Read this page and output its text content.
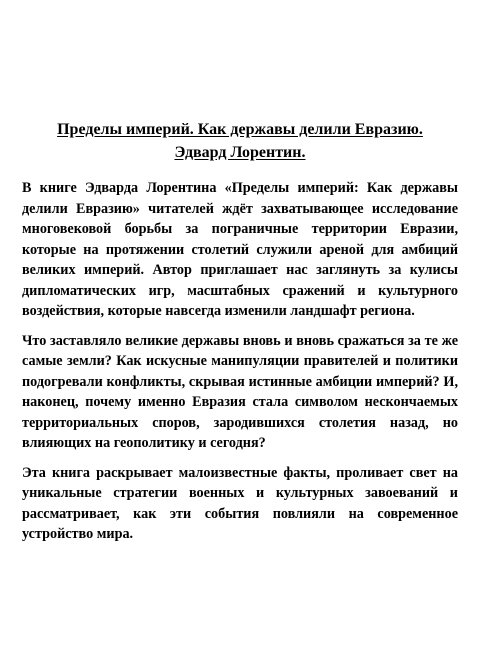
Пределы империй. Как державы делили Евразию.
Эдвард Лорентин.

В книге Эдварда Лорентина «Пределы империй: Как державы делили Евразию» читателей ждёт захватывающее исследование многовековой борьбы за пограничные территории Евразии, которые на протяжении столетий служили ареной для амбиций великих империй. Автор приглашает нас заглянуть за кулисы дипломатических игр, масштабных сражений и культурного воздействия, которые навсегда изменили ландшафт региона.

Что заставляло великие державы вновь и вновь сражаться за те же самые земли? Как искусные манипуляции правителей и политики подогревали конфликты, скрывая истинные амбиции империй? И, наконец, почему именно Евразия стала символом нескончаемых территориальных споров, зародившихся столетия назад, но влияющих на геополитику и сегодня?

Эта книга раскрывает малоизвестные факты, проливает свет на уникальные стратегии военных и культурных завоеваний и рассматривает, как эти события повлияли на современное устройство мира.
